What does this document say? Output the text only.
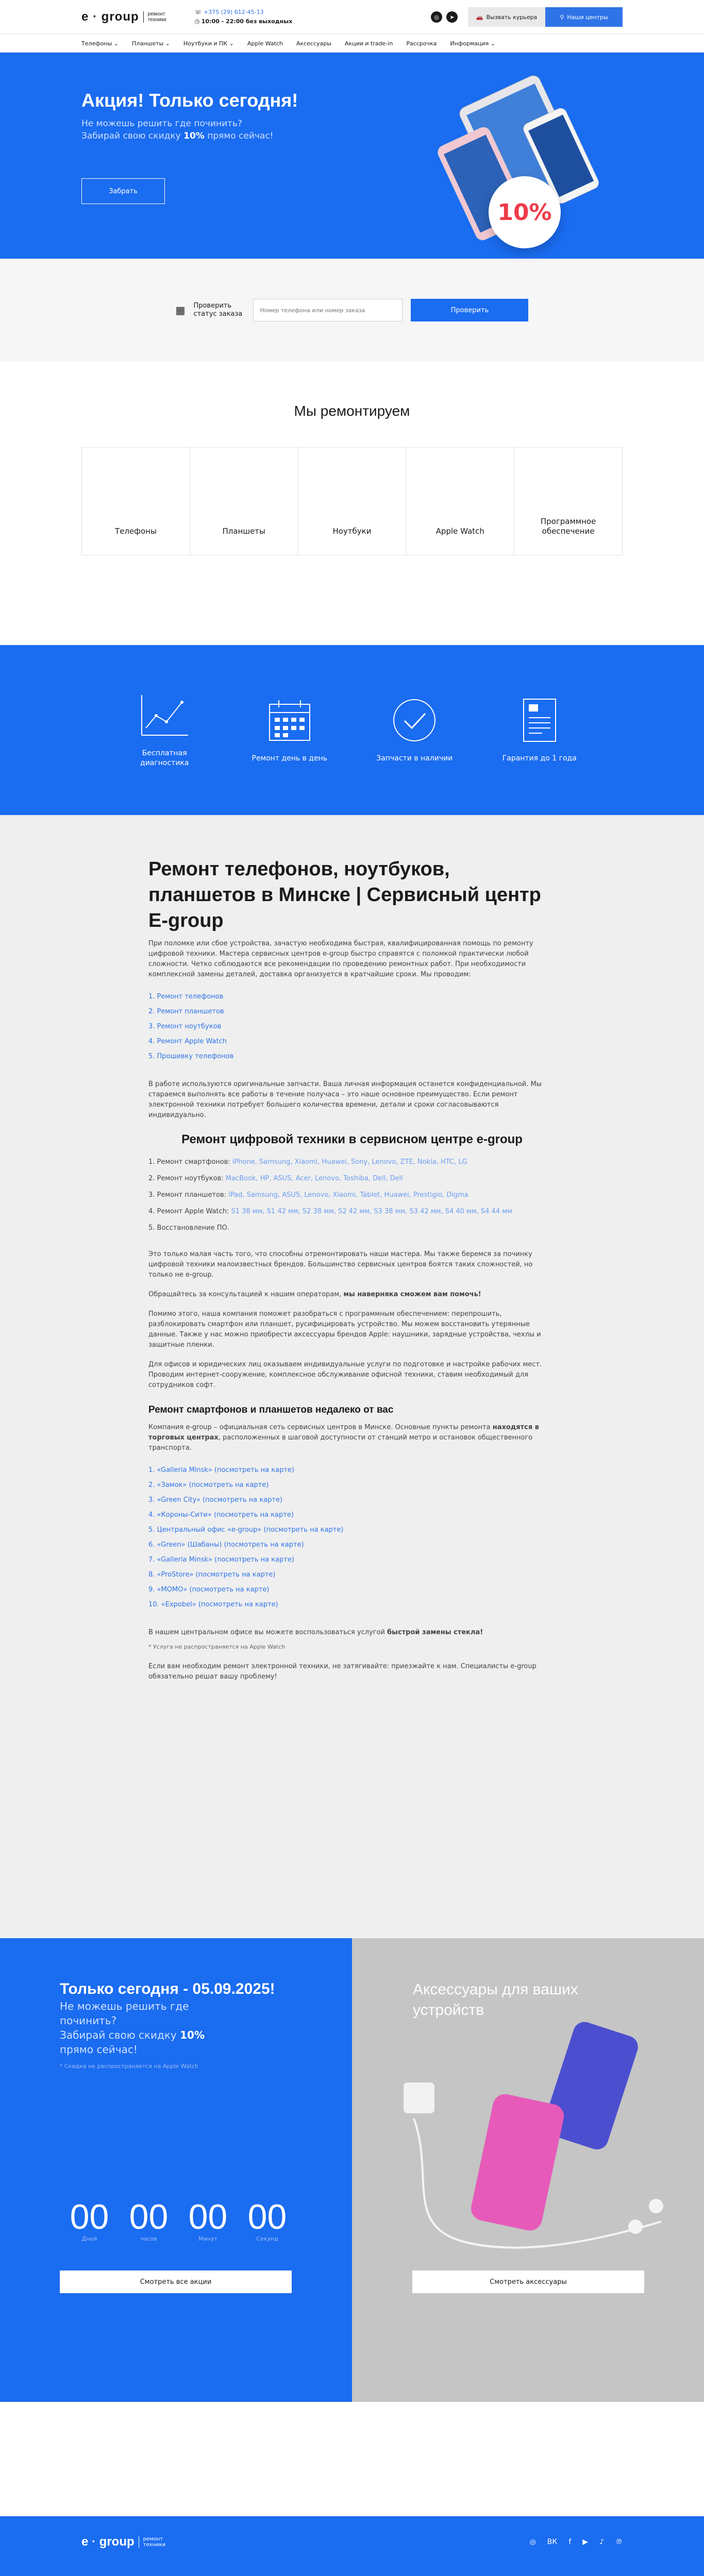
e · group	ремонт техники
☏ +375 (29) 612-45-13
◷ 10:00 - 22:00 без выходных
◎	➤	🚗 Вызвать курьера	⚲ Наши центры
Телефоны ⌄	Планшеты ⌄	Ноутбуки и ПК ⌄	Apple Watch	Аксессуары	Акции и trade-in	Рассрочка	Информация ⌄
Акция! Только сегодня!

Не можешь решить где починить?
Забирай свою скидку 10% прямо сейчас!

Забрать
10%
▦ Проверить статус заказа
Номер телефона или номер заказа	Проверить
Мы ремонтируем
Телефоны	Планшеты	Ноутбуки	Apple Watch
Программное обеспечение
Бесплатная диагностика
Ремонт день в день	Запчасти в наличии	Гарантия до 1 года
Ремонт телефонов, ноутбуков, планшетов в Минске | Сервисный центр E-group

При поломке или сбое устройства, зачастую необходима быстрая, квалифицированная помощь по ремонту цифровой техники. Мастера сервисных центров e-group быстро справятся с поломкой практически любой сложности. Четко соблюдаются все рекомендации по проведению ремонтных работ. При необходимости комплексной замены деталей, доставка организуется в кратчайшие сроки. Мы проводим:

1. Ремонт телефонов
2. Ремонт планшетов
3. Ремонт ноутбуков
4. Ремонт Apple Watch
5. Прошивку телефонов

В работе используются оригинальные запчасти. Ваша личная информация останется конфиденциальной. Мы стараемся выполнять все работы в течение получаса – это наше основное преимущество. Если ремонт электронной техники потребует большего количества времени, детали и сроки согласовываются индивидуально.

Ремонт цифровой техники в сервисном центре e-group
1. Ремонт смартфонов: iPhone, Samsung, Xiaomi, Huawei, Sony, Lenovo, ZTE, Nokia, HTC, LG
2. Ремонт ноутбуков: MacBook, HP, ASUS, Acer, Lenovo, Toshiba, Dell, Dell
3. Ремонт планшетов: iPad, Samsung, ASUS, Lenovo, Xiaomi, Tablet, Huawei, Prestigio, Digma
4. Ремонт Apple Watch: S1 38 мм, S1 42 мм, S2 38 мм, S2 42 мм, S3 38 мм, S3 42 мм, S4 40 мм, S4 44 мм
5. Восстановление ПО.

Это только малая часть того, что способны отремонтировать наши мастера. Мы также беремся за починку цифровой техники малоизвестных брендов. Большинство сервисных центров боятся таких сложностей, но только не e-group.

Обращайтесь за консультацией к нашим операторам, мы наверняка сможем вам помочь!

Помимо этого, наша компания поможет разобраться с программным обеспечением: перепрошить, разблокировать смартфон или планшет, русифицировать устройство. Мы можем восстановить утерянные данные. Также у нас можно приобрести аксессуары брендов Apple: наушники, зарядные устройства, чехлы и защитные пленки.

Для офисов и юридических лиц оказываем индивидуальные услуги по подготовке и настройке рабочих мест. Проводим интернет-сооружение, комплексное обслуживание офисной техники, ставим необходимый для сотрудников софт.

Ремонт смартфонов и планшетов недалеко от вас

Компания e-group – официальная сеть сервисных центров в Минске. Основные пункты ремонта находятся в торговых центрах, расположенных в шаговой доступности от станций метро и остановок общественного транспорта.

1. «Galleria Minsk» (посмотреть на карте)
2. «Замок» (посмотреть на карте)
3. «Green City» (посмотреть на карте)
4. «Короны-Сити» (посмотреть на карте)
5. Центральный офис «e-group» (посмотреть на карте)
6. «Green» (Шабаны) (посмотреть на карте)
7. «Galleria Minsk» (посмотреть на карте)
8. «ProStore» (посмотреть на карте)
9. «МОМО» (посмотреть на карте)
10. «Expobel» (посмотреть на карте)

В нашем центральном офисе вы можете воспользоваться услугой быстрой замены стекла!

* Услуга не распространяется на Apple Watch

Если вам необходим ремонт электронной техники, не затягивайте: приезжайте к нам. Специалисты e-group обязательно решат вашу проблему!

Только сегодня - 05.09.2025!

Не можешь решить где починить?
Забирай свою скидку 10% прямо сейчас!

* Скидка не распространяется на Apple Watch
00
Дней
00
часов
00
Минут
00
Секунд
Смотреть все акции
Аксессуары для ваших устройств
Смотреть аксессуары
e · group	ремонт техники	◎ ВК f ▶ ♪ ℗
